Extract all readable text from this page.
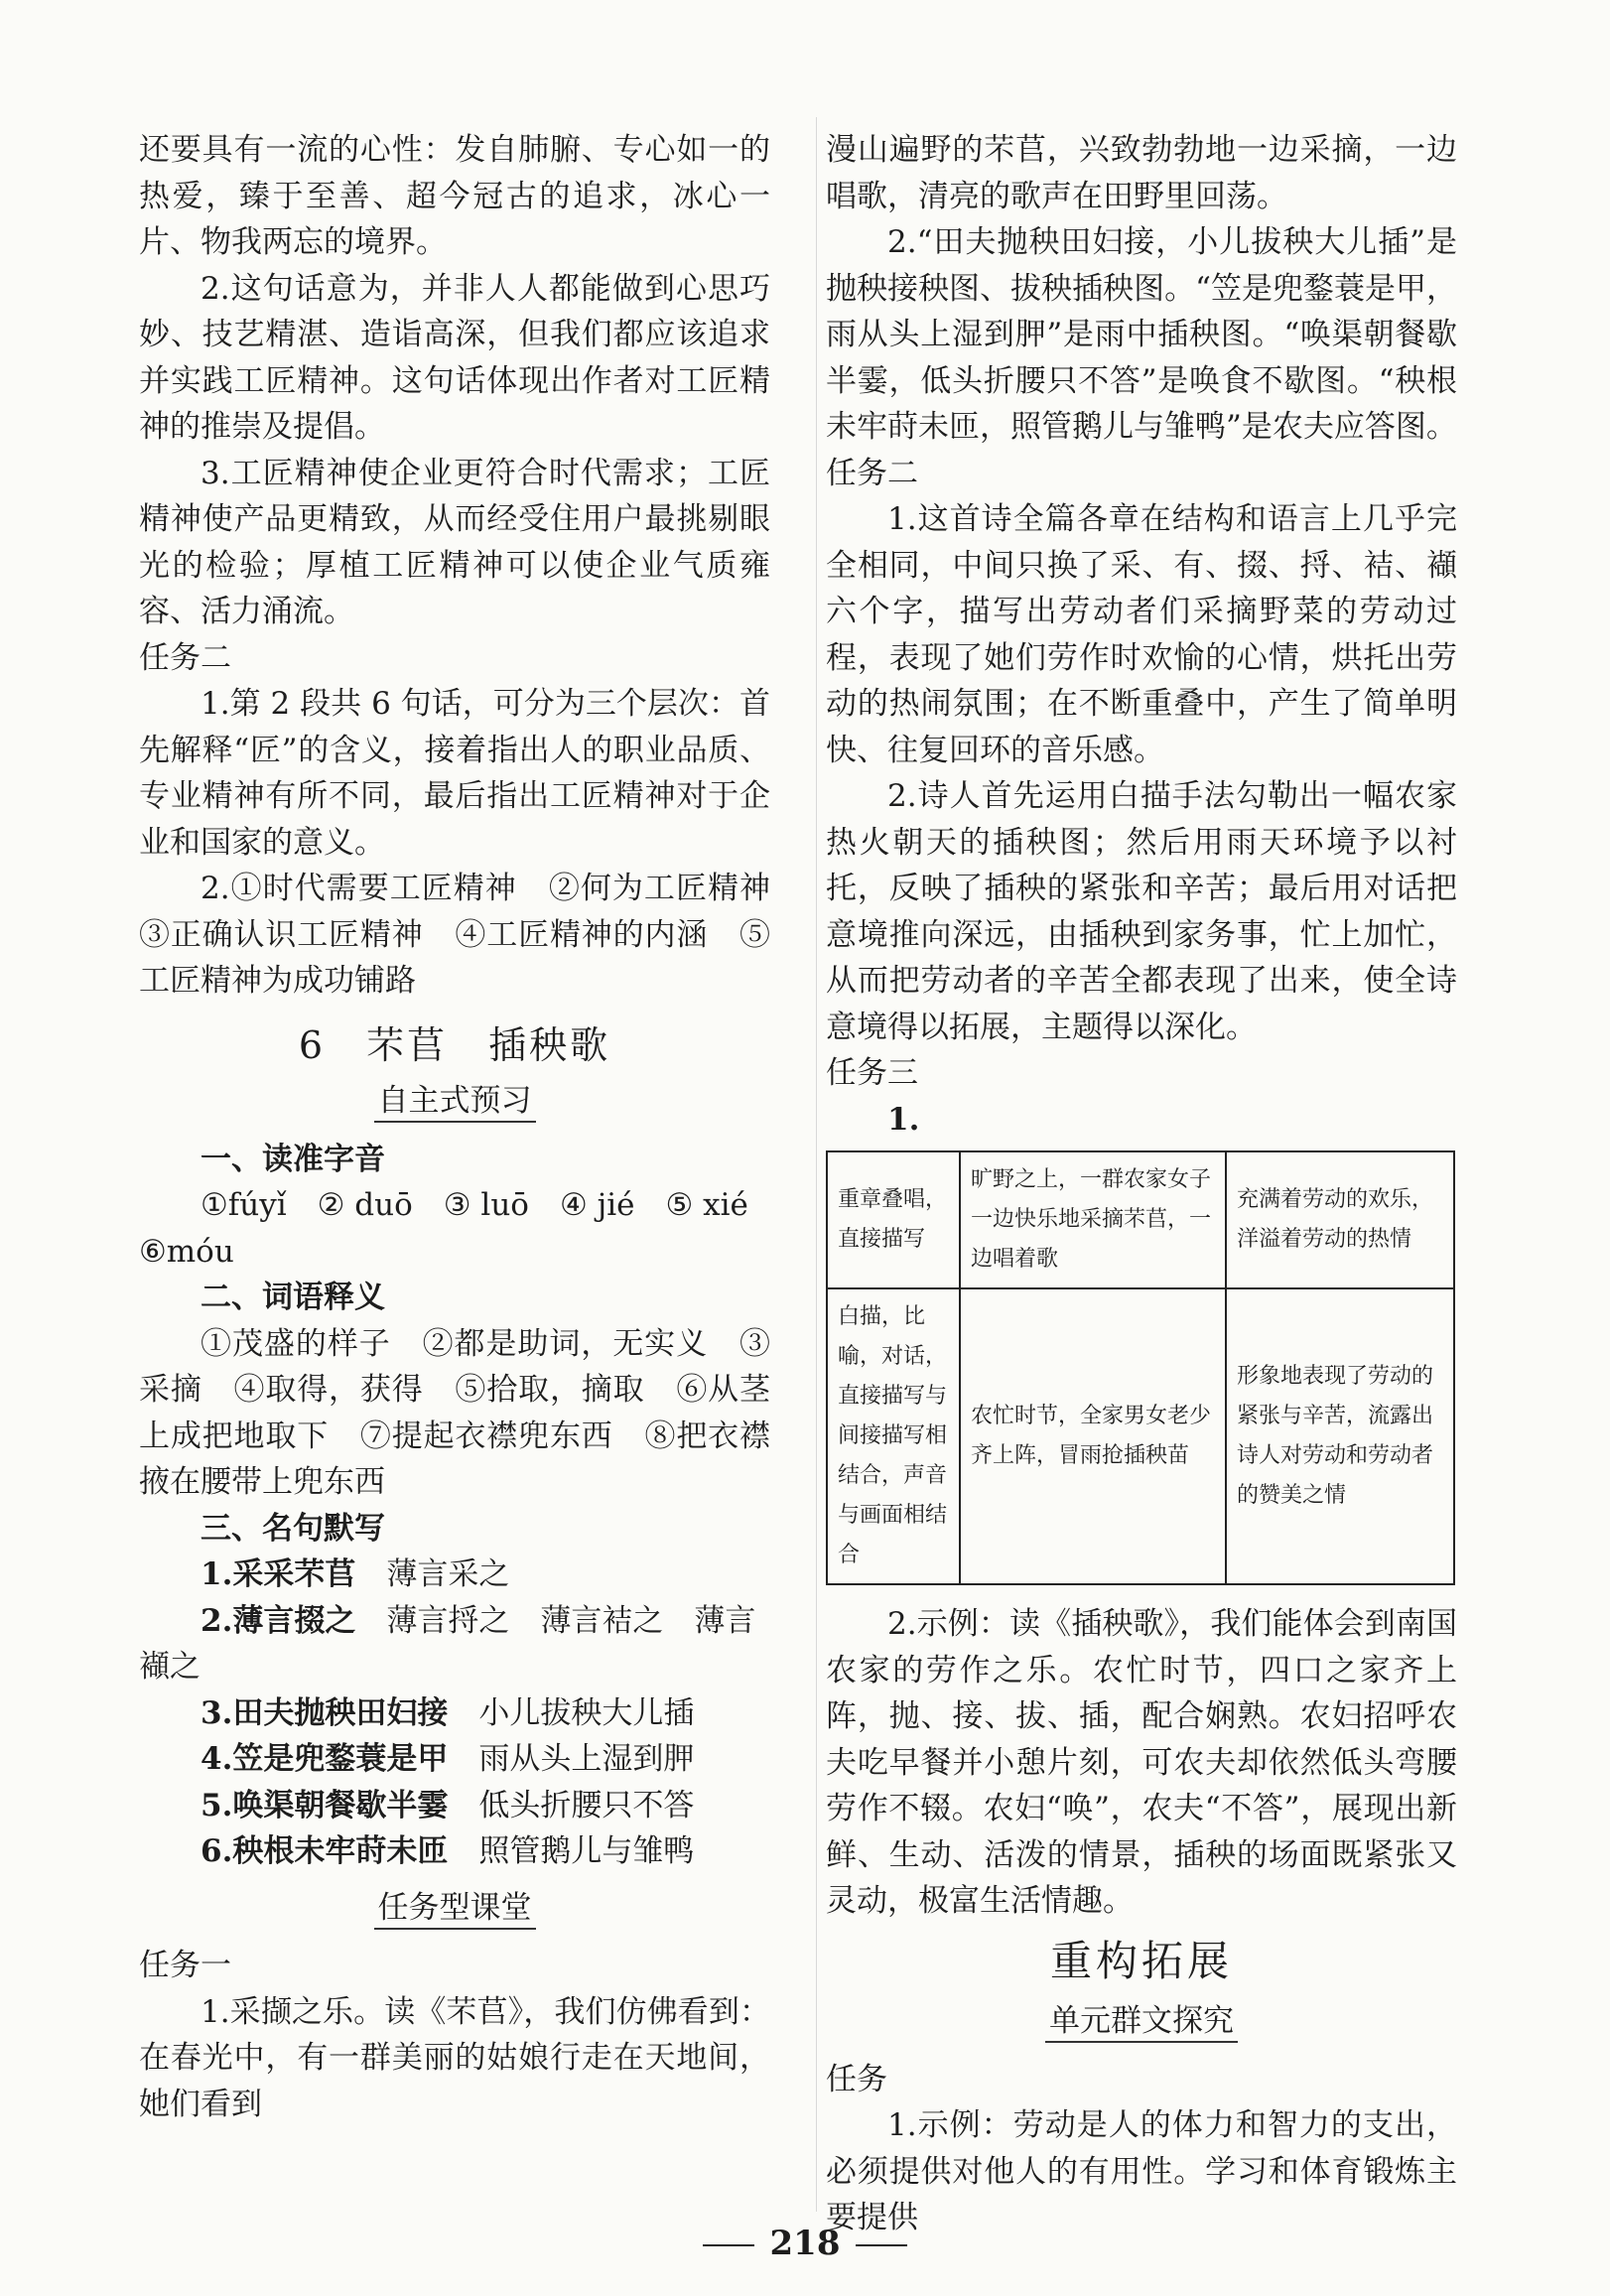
还要具有一流的心性：发自肺腑、专心如一的热爱，臻于至善、超今冠古的追求，冰心一片、物我两忘的境界。

2.这句话意为，并非人人都能做到心思巧妙、技艺精湛、造诣高深，但我们都应该追求并实践工匠精神。这句话体现出作者对工匠精神的推崇及提倡。

3.工匠精神使企业更符合时代需求；工匠精神使产品更精致，从而经受住用户最挑剔眼光的检验；厚植工匠精神可以使企业气质雍容、活力涌流。

任务二

1.第 2 段共 6 句话，可分为三个层次：首先解释“匠”的含义，接着指出人的职业品质、专业精神有所不同，最后指出工匠精神对于企业和国家的意义。

2.①时代需要工匠精神　②何为工匠精神　③正确认识工匠精神　④工匠精神的内涵　⑤工匠精神为成功铺路

6　芣苢　插秧歌
自主式预习

一、读准字音

①fúyǐ　② duō　③ luō　④ jié　⑤ xié

⑥móu

二、词语释义

①茂盛的样子　②都是助词，无实义　③采摘　④取得，获得　⑤拾取，摘取　⑥从茎上成把地取下　⑦提起衣襟兜东西　⑧把衣襟掖在腰带上兜东西

三、名句默写

1.采采芣苢　 薄言采之

2.薄言掇之　 薄言捋之　 薄言袺之　 薄言

襭之

3.田夫抛秧田妇接　 小儿拔秧大儿插

4.笠是兜鍪蓑是甲　 雨从头上湿到胛

5.唤渠朝餐歇半霎　 低头折腰只不答

6.秧根未牢莳未匝　 照管鹅儿与雏鸭

任务型课堂

任务一

1.采撷之乐。读《芣苢》，我们仿佛看到：在春光中，有一群美丽的姑娘行走在天地间，她们看到

漫山遍野的芣苢，兴致勃勃地一边采摘，一边唱歌，清亮的歌声在田野里回荡。

2.“田夫抛秧田妇接，小儿拔秧大儿插”是抛秧接秧图、拔秧插秧图。“笠是兜鍪蓑是甲，雨从头上湿到胛”是雨中插秧图。“唤渠朝餐歇半霎，低头折腰只不答”是唤食不歇图。“秧根未牢莳未匝，照管鹅儿与雏鸭”是农夫应答图。

任务二

1.这首诗全篇各章在结构和语言上几乎完全相同，中间只换了采、有、掇、捋、袺、襭六个字，描写出劳动者们采摘野菜的劳动过程，表现了她们劳作时欢愉的心情，烘托出劳动的热闹氛围；在不断重叠中，产生了简单明快、往复回环的音乐感。

2.诗人首先运用白描手法勾勒出一幅农家热火朝天的插秧图；然后用雨天环境予以衬托，反映了插秧的紧张和辛苦；最后用对话把意境推向深远，由插秧到家务事，忙上加忙，从而把劳动者的辛苦全都表现了出来，使全诗意境得以拓展，主题得以深化。

任务三

1.

重章叠唱，直接描写	旷野之上，一群农家女子一边快乐地采摘芣苢，一边唱着歌	充满着劳动的欢乐，洋溢着劳动的热情
白描，比喻，对话，直接描写与间接描写相结合，声音与画面相结合	农忙时节，全家男女老少齐上阵，冒雨抢插秧苗	形象地表现了劳动的紧张与辛苦，流露出诗人对劳动和劳动者的赞美之情

2.示例：读《插秧歌》，我们能体会到南国农家的劳作之乐。农忙时节，四口之家齐上阵，抛、接、拔、插，配合娴熟。农妇招呼农夫吃早餐并小憩片刻，可农夫却依然低头弯腰劳作不辍。农妇“唤”，农夫“不答”，展现出新鲜、生动、活泼的情景，插秧的场面既紧张又灵动，极富生活情趣。

重构拓展
单元群文探究

任务

1.示例：劳动是人的体力和智力的支出，必须提供对他人的有用性。学习和体育锻炼主要提供

218
